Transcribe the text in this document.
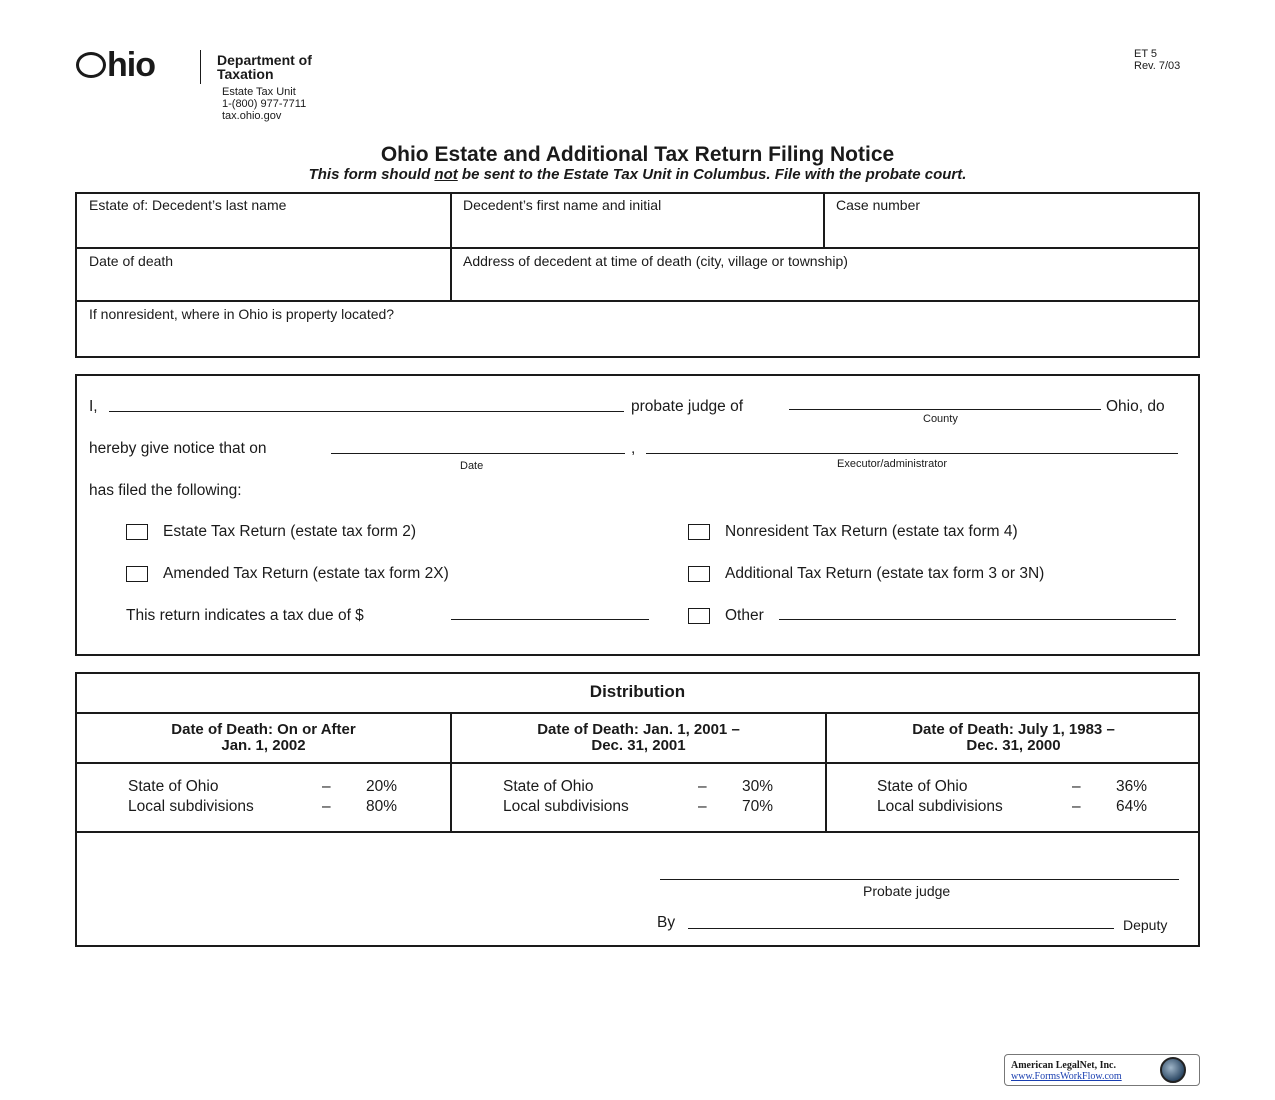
hio	Department of
Taxation
Estate Tax Unit
1-(800) 977-7711
tax.ohio.gov
ET 5
Rev. 7/03
Ohio Estate and Additional Tax Return Filing Notice
This form should not be sent to the Estate Tax Unit in Columbus. File with the probate court.
Estate of: Decedent’s last name	Decedent’s first name and initial	Case number
Date of death	Address of decedent at time of death (city, village or township)
If nonresident, where in Ohio is property located?
I,	probate judge of
County
Ohio, do
hereby give notice that on
Date
,
Executor/administrator
has filed the following:
Estate Tax Return (estate tax form 2)	Nonresident Tax Return (estate tax form 4)
Amended Tax Return (estate tax form 2X)	Additional Tax Return (estate tax form 3 or 3N)
This return indicates a tax due of $	Other
Distribution
Date of Death: On or After
Jan. 1, 2002
State of Ohio	– 20%
Local subdivisions	– 80%
Date of Death: Jan. 1, 2001 –
Dec. 31, 2001
State of Ohio	– 30%
Local subdivisions	– 70%
Date of Death: July 1, 1983 –
Dec. 31, 2000
State of Ohio	– 36%
Local subdivisions	– 64%
Probate judge
By	Deputy
American LegalNet, Inc.
www.FormsWorkFlow.com
